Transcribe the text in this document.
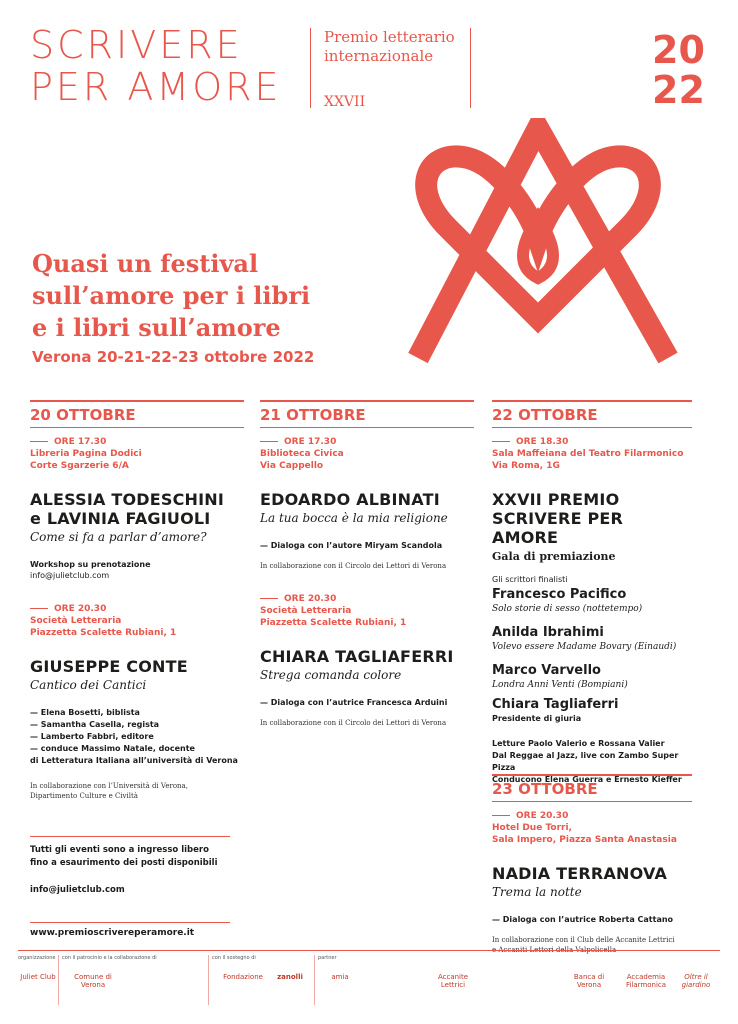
SCRIVERE
PER AMORE
Premio letterario
internazionale
XXVII
20
22
Quasi un festival
sull’amore per i libri
e i libri sull’amore
Verona 20-21-22-23 ottobre 2022
20 OTTOBRE
ORE 17.30
Libreria Pagina Dodici
Corte Sgarzerie 6/A
ALESSIA TODESCHINI
e LAVINIA FAGIUOLI
Come si fa a parlar d’amore?
Workshop su prenotazione
info@julietclub.com
ORE 20.30
Società Letteraria
Piazzetta Scalette Rubiani, 1
GIUSEPPE CONTE
Cantico dei Cantici
— Elena Bosetti, biblista
— Samantha Casella, regista
— Lamberto Fabbri, editore
— conduce Massimo Natale, docente
di Letteratura Italiana all’università di Verona
In collaborazione con l’Università di Verona,
Dipartimento Culture e Civiltà
21 OTTOBRE
ORE 17.30
Biblioteca Civica
Via Cappello
EDOARDO ALBINATI
La tua bocca è la mia religione
— Dialoga con l’autore Miryam Scandola
In collaborazione con il Circolo dei Lettori di Verona
ORE 20.30
Società Letteraria
Piazzetta Scalette Rubiani, 1
CHIARA TAGLIAFERRI
Strega comanda colore
— Dialoga con l’autrice Francesca Arduini
In collaborazione con il Circolo dei Lettori di Verona
22 OTTOBRE
ORE 18.30
Sala Maffeiana del Teatro Filarmonico
Via Roma, 1G
XXVII PREMIO
SCRIVERE PER AMORE
Gala di premiazione
Gli scrittori finalisti
Francesco Pacifico
Solo storie di sesso (nottetempo)
Anilda Ibrahimi
Volevo essere Madame Bovary (Einaudi)
Marco Varvello
Londra Anni Venti (Bompiani)
Chiara Tagliaferri
Presidente di giuria
Letture Paolo Valerio e Rossana Valier
Dal Reggae al Jazz, live con Zambo Super Pizza
Conducono Elena Guerra e Ernesto Kieffer
23 OTTOBRE
ORE 20.30
Hotel Due Torri,
Sala Impero, Piazza Santa Anastasia
NADIA TERRANOVA
Trema la notte
— Dialoga con l’autrice Roberta Cattano
In collaborazione con il Club delle Accanite Lettrici
e Accaniti Lettori della Valpolicella
Tutti gli eventi sono a ingresso libero
fino a esaurimento dei posti disponibili
info@julietclub.com
www.premioscrivereperamore.it
organizzazione
Juliet Club
con il patrocinio e la collaborazione di
Comune di Verona
con il sostegno di
Fondazione	zanolli
partner
amia	Accanite Lettrici
Banca di Verona
Accademia Filarmonica
Oltre il giardino
